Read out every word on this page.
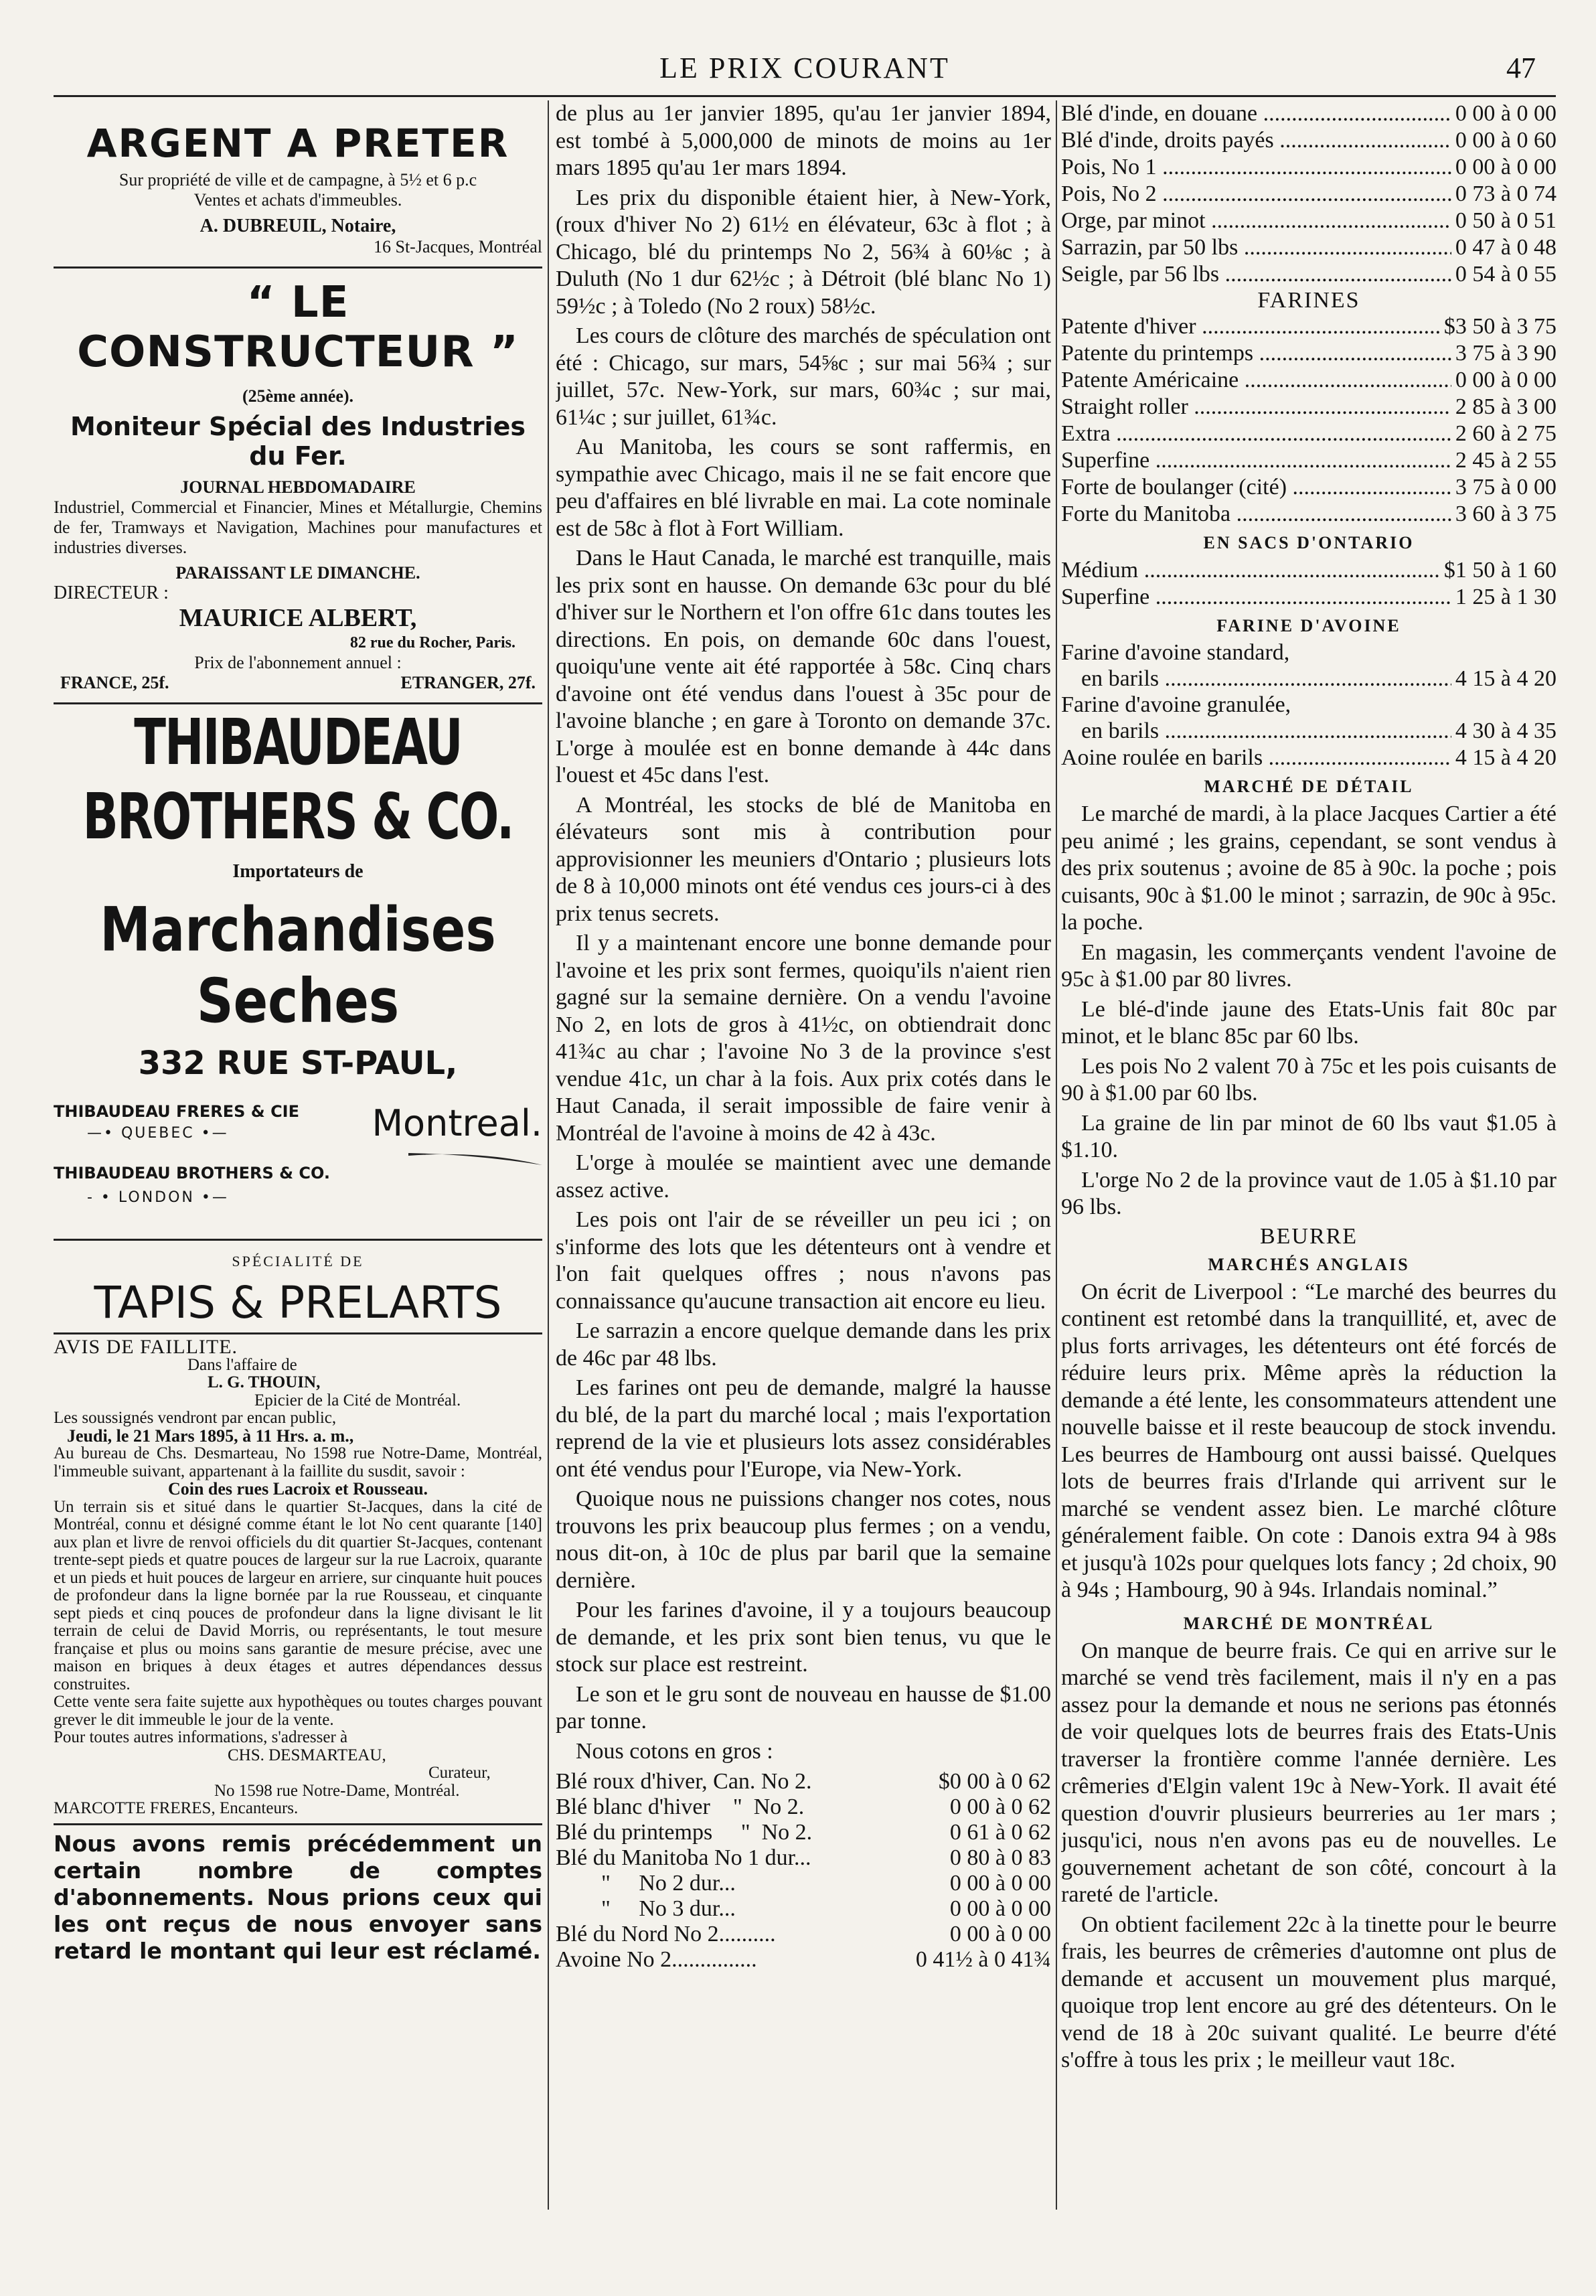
LE PRIX COURANT	47
ARGENT A PRETER
Sur propriété de ville et de campagne, à 5½ et 6 p.c
Ventes et achats d'immeubles.
A. DUBREUIL, Notaire,
16 St-Jacques, Montréal
“ LE CONSTRUCTEUR ”
(25ème année).
Moniteur Spécial des Industries du Fer.
JOURNAL HEBDOMADAIRE
Industriel, Commercial et Financier, Mines et Métallurgie, Chemins de fer, Tramways et Navigation, Machines pour manufactures et industries diverses.
PARAISSANT LE DIMANCHE.
DIRECTEUR :
MAURICE ALBERT,
82 rue du Rocher, Paris.
Prix de l'abonnement annuel :
FRANCE, 25f.	ETRANGER, 27f.
THIBAUDEAU BROTHERS & CO.
Importateurs de
Marchandises Seches
332 RUE ST-PAUL,
THIBAUDEAU FRERES & CIE
—• QUEBEC •—	Montreal.
THIBAUDEAU BROTHERS & CO.
- • LONDON •—
SPÉCIALITÉ DE
TAPIS & PRELARTS
AVIS DE FAILLITE.
Dans l'affaire de
L. G. THOUIN,
Epicier de la Cité de Montréal.
Les soussignés vendront par encan public,
Jeudi, le 21 Mars 1895, à 11 Hrs. a. m.,
Au bureau de Chs. Desmarteau, No 1598 rue Notre-Dame, Montréal, l'immeuble suivant, appartenant à la faillite du susdit, savoir :
Coin des rues Lacroix et Rousseau.
Un terrain sis et situé dans le quartier St-Jacques, dans la cité de Montréal, connu et désigné comme étant le lot No cent quarante [140] aux plan et livre de renvoi officiels du dit quartier St-Jacques, contenant trente-sept pieds et quatre pouces de largeur sur la rue Lacroix, quarante et un pieds et huit pouces de largeur en arriere, sur cinquante huit pouces de profondeur dans la ligne bornée par la rue Rousseau, et cinquante sept pieds et cinq pouces de profondeur dans la ligne divisant le lit terrain de celui de David Morris, ou représentants, le tout mesure française et plus ou moins sans garantie de mesure précise, avec une maison en briques à deux étages et autres dépendances dessus construites.
Cette vente sera faite sujette aux hypothèques ou toutes charges pouvant grever le dit immeuble le jour de la vente.
Pour toutes autres informations, s'adresser à
CHS. DESMARTEAU,
Curateur,
No 1598 rue Notre-Dame, Montréal.
MARCOTTE FRERES, Encanteurs.
Nous avons remis précédemment un certain nombre de comptes d'abonnements. Nous prions ceux qui les ont reçus de nous envoyer sans retard le montant qui leur est réclamé.
de plus au 1er janvier 1895, qu'au 1er janvier 1894, est tombé à 5,000,000 de minots de moins au 1er mars 1895 qu'au 1er mars 1894.
Les prix du disponible étaient hier, à New-York, (roux d'hiver No 2) 61½ en élévateur, 63c à flot ; à Chicago, blé du printemps No 2, 56¾ à 60⅛c ; à Duluth (No 1 dur 62½c ; à Détroit (blé blanc No 1) 59½c ; à Toledo (No 2 roux) 58½c.
Les cours de clôture des marchés de spéculation ont été : Chicago, sur mars, 54⅝c ; sur mai 56¾ ; sur juillet, 57c. New-York, sur mars, 60¾c ; sur mai, 61¼c ; sur juillet, 61¾c.
Au Manitoba, les cours se sont raffermis, en sympathie avec Chicago, mais il ne se fait encore que peu d'affaires en blé livrable en mai. La cote nominale est de 58c à flot à Fort William.
Dans le Haut Canada, le marché est tranquille, mais les prix sont en hausse. On demande 63c pour du blé d'hiver sur le Northern et l'on offre 61c dans toutes les directions. En pois, on demande 60c dans l'ouest, quoiqu'une vente ait été rapportée à 58c. Cinq chars d'avoine ont été vendus dans l'ouest à 35c pour de l'avoine blanche ; en gare à Toronto on demande 37c. L'orge à moulée est en bonne demande à 44c dans l'ouest et 45c dans l'est.
A Montréal, les stocks de blé de Manitoba en élévateurs sont mis à contribution pour approvisionner les meuniers d'Ontario ; plusieurs lots de 8 à 10,000 minots ont été vendus ces jours-ci à des prix tenus secrets.
Il y a maintenant encore une bonne demande pour l'avoine et les prix sont fermes, quoiqu'ils n'aient rien gagné sur la semaine dernière. On a vendu l'avoine No 2, en lots de gros à 41½c, on obtiendrait donc 41¾c au char ; l'avoine No 3 de la province s'est vendue 41c, un char à la fois. Aux prix cotés dans le Haut Canada, il serait impossible de faire venir à Montréal de l'avoine à moins de 42 à 43c.
L'orge à moulée se maintient avec une demande assez active.
Les pois ont l'air de se réveiller un peu ici ; on s'informe des lots que les détenteurs ont à vendre et l'on fait quelques offres ; nous n'avons pas connaissance qu'aucune transaction ait encore eu lieu.
Le sarrazin a encore quelque demande dans les prix de 46c par 48 lbs.
Les farines ont peu de demande, malgré la hausse du blé, de la part du marché local ; mais l'exportation reprend de la vie et plusieurs lots assez considérables ont été vendus pour l'Europe, via New-York.
Quoique nous ne puissions changer nos cotes, nous trouvons les prix beaucoup plus fermes ; on a vendu, nous dit-on, à 10c de plus par baril que la semaine dernière.
Pour les farines d'avoine, il y a toujours beaucoup de demande, et les prix sont bien tenus, vu que le stock sur place est restreint.
Le son et le gru sont de nouveau en hausse de $1.00 par tonne.
Nous cotons en gros :
Blé roux d'hiver, Can. No 2.	$0 00 à 0 62
Blé blanc d'hiver    "  No 2.	0 00 à 0 62
Blé du printemps     "  No 2.	0 61 à 0 62
Blé du Manitoba No 1 dur...	0 80 à 0 83
"     No 2 dur...	0 00 à 0 00
"     No 3 dur...	0 00 à 0 00
Blé du Nord No 2..........	0 00 à 0 00
Avoine No 2...............	0 41½ à 0 41¾
Blé d'inde, en douane .....	0 00 à 0 00
Blé d'inde, droits payés .....	0 00 à 0 60
Pois, No 1 .....	0 00 à 0 00
Pois, No 2 .....	0 73 à 0 74
Orge, par minot .....	0 50 à 0 51
Sarrazin, par 50 lbs .....	0 47 à 0 48
Seigle, par 56 lbs .....	0 54 à 0 55
FARINES
Patente d'hiver .....	$3 50 à 3 75
Patente du printemps .....	3 75 à 3 90
Patente Américaine .....	0 00 à 0 00
Straight roller .....	2 85 à 3 00
Extra .....	2 60 à 2 75
Superfine .....	2 45 à 2 55
Forte de boulanger (cité) .....	3 75 à 0 00
Forte du Manitoba .....	3 60 à 3 75
EN SACS D'ONTARIO
Médium .....	$1 50 à 1 60
Superfine .....	1 25 à 1 30
FARINE D'AVOINE
Farine d'avoine standard,
en barils .....	4 15 à 4 20
Farine d'avoine granulée,
en barils .....	4 30 à 4 35
Aoine roulée en barils .....	4 15 à 4 20
MARCHÉ DE DÉTAIL
Le marché de mardi, à la place Jacques Cartier a été peu animé ; les grains, cependant, se sont vendus à des prix soutenus ; avoine de 85 à 90c. la poche ; pois cuisants, 90c à $1.00 le minot ; sarrazin, de 90c à 95c. la poche.
En magasin, les commerçants vendent l'avoine de 95c à $1.00 par 80 livres.
Le blé-d'inde jaune des Etats-Unis fait 80c par minot, et le blanc 85c par 60 lbs.
Les pois No 2 valent 70 à 75c et les pois cuisants de 90 à $1.00 par 60 lbs.
La graine de lin par minot de 60 lbs vaut $1.05 à $1.10.
L'orge No 2 de la province vaut de 1.05 à $1.10 par 96 lbs.
BEURRE
MARCHÉS ANGLAIS
On écrit de Liverpool : “Le marché des beurres du continent est retombé dans la tranquillité, et, avec de plus forts arrivages, les détenteurs ont été forcés de réduire leurs prix. Même après la réduction la demande a été lente, les consommateurs attendent une nouvelle baisse et il reste beaucoup de stock invendu. Les beurres de Hambourg ont aussi baissé. Quelques lots de beurres frais d'Irlande qui arrivent sur le marché se vendent assez bien. Le marché clôture généralement faible. On cote : Danois extra 94 à 98s et jusqu'à 102s pour quelques lots fancy ; 2d choix, 90 à 94s ; Hambourg, 90 à 94s. Irlandais nominal.”
MARCHÉ DE MONTRÉAL
On manque de beurre frais. Ce qui en arrive sur le marché se vend très facilement, mais il n'y en a pas assez pour la demande et nous ne serions pas étonnés de voir quelques lots de beurres frais des Etats-Unis traverser la frontière comme l'année dernière. Les crêmeries d'Elgin valent 19c à New-York. Il avait été question d'ouvrir plusieurs beurreries au 1er mars ; jusqu'ici, nous n'en avons pas eu de nouvelles. Le gouvernement achetant de son côté, concourt à la rareté de l'article.
On obtient facilement 22c à la tinette pour le beurre frais, les beurres de crêmeries d'automne ont plus de demande et accusent un mouvement plus marqué, quoique trop lent encore au gré des détenteurs. On le vend de 18 à 20c suivant qualité. Le beurre d'été s'offre à tous les prix ; le meilleur vaut 18c.
